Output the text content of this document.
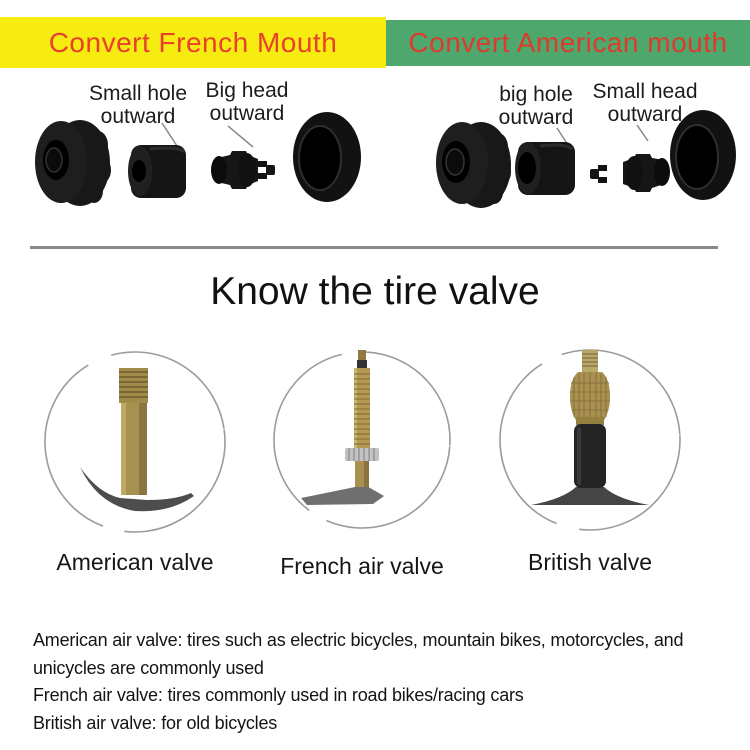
Convert French Mouth	Convert American mouth
Small hole outward
Big head outward
big hole outward
Small head outward
Know the tire valve
American valve	French air valve	British valve
American air valve: tires such as electric bicycles, mountain bikes, motorcycles, and
unicycles are commonly used
French air valve: tires commonly used in road bikes/racing cars
British air valve: for old bicycles
